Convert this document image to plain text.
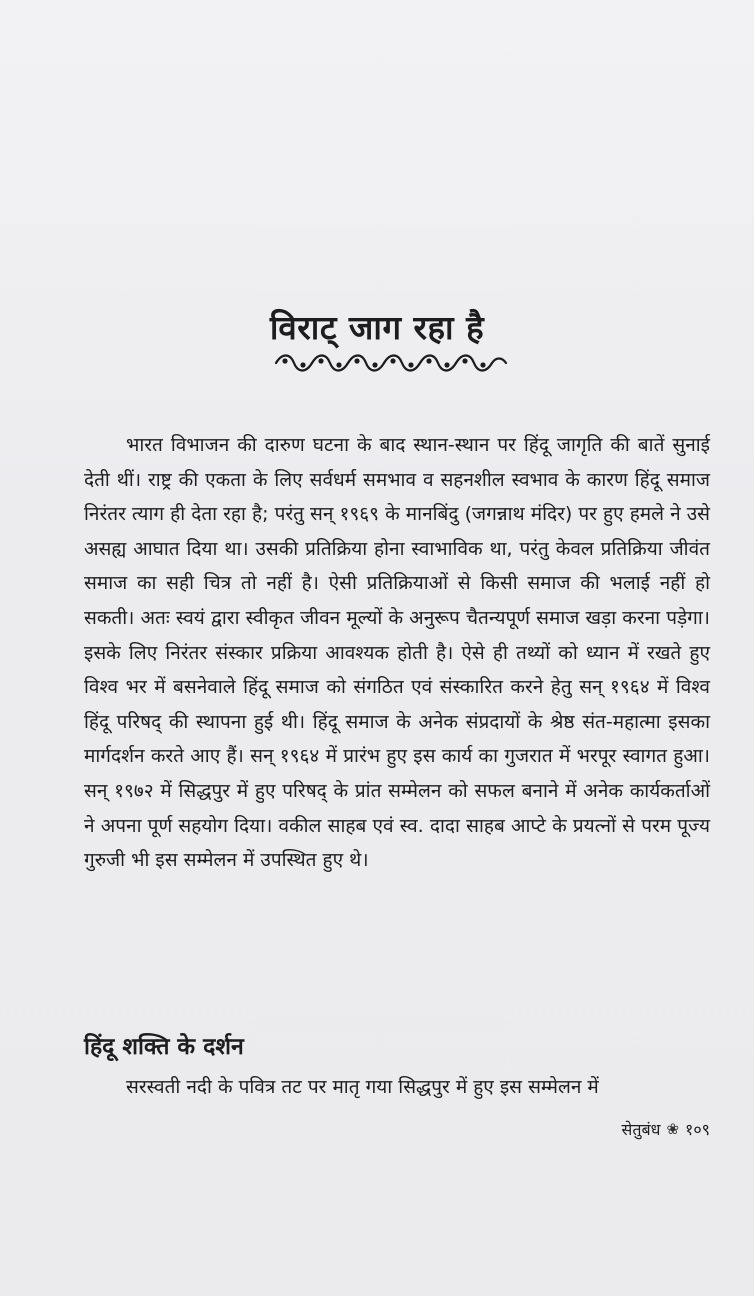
विराट् जाग रहा है

भारत विभाजन की दारुण घटना के बाद स्थान-स्थान पर हिंदू जागृति की बातें सुनाई देती थीं। राष्ट्र की एकता के लिए सर्वधर्म समभाव व सहनशील स्वभाव के कारण हिंदू समाज निरंतर त्याग ही देता रहा है; परंतु सन् १९६९ के मानबिंदु (जगन्नाथ मंदिर) पर हुए हमले ने उसे असह्य आघात दिया था। उसकी प्रतिक्रिया होना स्वाभाविक था, परंतु केवल प्रतिक्रिया जीवंत समाज का सही चित्र तो नहीं है। ऐसी प्रतिक्रियाओं से किसी समाज की भलाई नहीं हो सकती। अतः स्वयं द्वारा स्वीकृत जीवन मूल्यों के अनुरूप चैतन्यपूर्ण समाज खड़ा करना पड़ेगा। इसके लिए निरंतर संस्कार प्रक्रिया आवश्यक होती है। ऐसे ही तथ्यों को ध्यान में रखते हुए विश्व भर में बसनेवाले हिंदू समाज को संगठित एवं संस्कारित करने हेतु सन् १९६४ में विश्व हिंदू परिषद् की स्थापना हुई थी। हिंदू समाज के अनेक संप्रदायों के श्रेष्ठ संत-महात्मा इसका मार्गदर्शन करते आए हैं। सन् १९६४ में प्रारंभ हुए इस कार्य का गुजरात में भरपूर स्वागत हुआ। सन् १९७२ में सिद्धपुर में हुए परिषद् के प्रांत सम्मेलन को सफल बनाने में अनेक कार्यकर्ताओं ने अपना पूर्ण सहयोग दिया। वकील साहब एवं स्व. दादा साहब आप्टे के प्रयत्नों से परम पूज्य गुरुजी भी इस सम्मेलन में उपस्थित हुए थे।

हिंदू शक्ति के दर्शन

सरस्वती नदी के पवित्र तट पर मातृ गया सिद्धपुर में हुए इस सम्मेलन में

सेतुबंध ❀ १०९
